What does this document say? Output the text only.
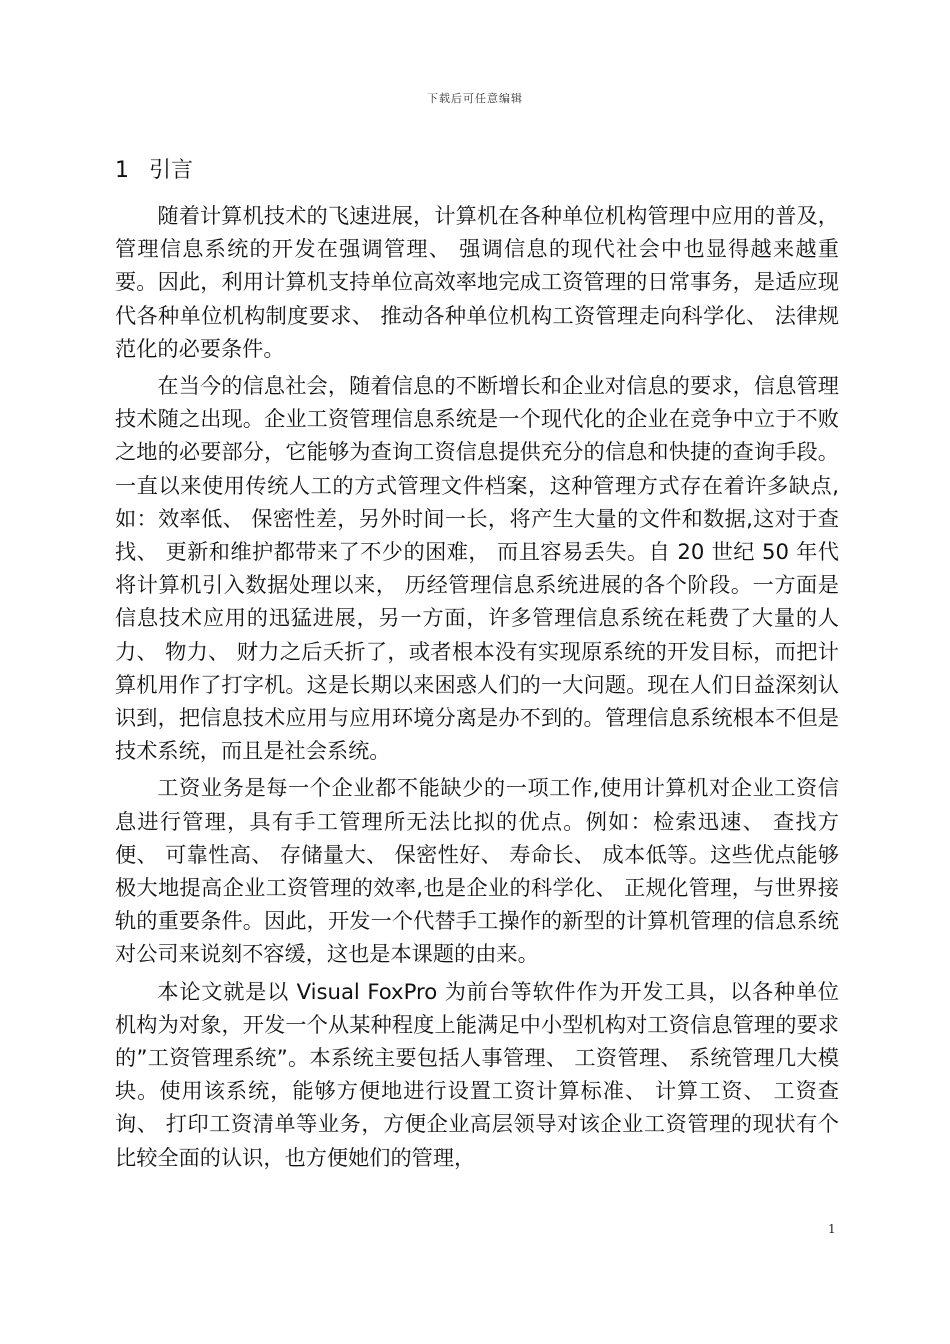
下载后可任意编辑
1 引言

随着计算机技术的飞速进展，计算机在各种单位机构管理中应用的普及，管理信息系统的开发在强调管理、 强调信息的现代社会中也显得越来越重要。因此，利用计算机支持单位高效率地完成工资管理的日常事务，是适应现代各种单位机构制度要求、 推动各种单位机构工资管理走向科学化、 法律规范化的必要条件。

在当今的信息社会，随着信息的不断增长和企业对信息的要求，信息管理技术随之出现。企业工资管理信息系统是一个现代化的企业在竞争中立于不败之地的必要部分，它能够为查询工资信息提供充分的信息和快捷的查询手段。一直以来使用传统人工的方式管理文件档案，这种管理方式存在着许多缺点,如：效率低、 保密性差，另外时间一长，将产生大量的文件和数据,这对于查找、 更新和维护都带来了不少的困难， 而且容易丢失。自 20 世纪 50 年代将计算机引入数据处理以来， 历经管理信息系统进展的各个阶段。一方面是信息技术应用的迅猛进展，另一方面，许多管理信息系统在耗费了大量的人力、 物力、 财力之后夭折了，或者根本没有实现原系统的开发目标，而把计算机用作了打字机。这是长期以来困惑人们的一大问题。现在人们日益深刻认识到，把信息技术应用与应用环境分离是办不到的。管理信息系统根本不但是技术系统，而且是社会系统。

工资业务是每一个企业都不能缺少的一项工作,使用计算机对企业工资信息进行管理，具有手工管理所无法比拟的优点。例如：检索迅速、 查找方便、 可靠性高、 存储量大、 保密性好、 寿命长、 成本低等。这些优点能够极大地提高企业工资管理的效率,也是企业的科学化、 正规化管理，与世界接轨的重要条件。因此，开发一个代替手工操作的新型的计算机管理的信息系统对公司来说刻不容缓，这也是本课题的由来。

本论文就是以 Visual FoxPro 为前台等软件作为开发工具，以各种单位机构为对象，开发一个从某种程度上能满足中小型机构对工资信息管理的要求的”工资管理系统”。本系统主要包括人事管理、 工资管理、 系统管理几大模块。使用该系统，能够方便地进行设置工资计算标准、 计算工资、 工资查询、 打印工资清单等业务，方便企业高层领导对该企业工资管理的现状有个比较全面的认识，也方便她们的管理，

1
